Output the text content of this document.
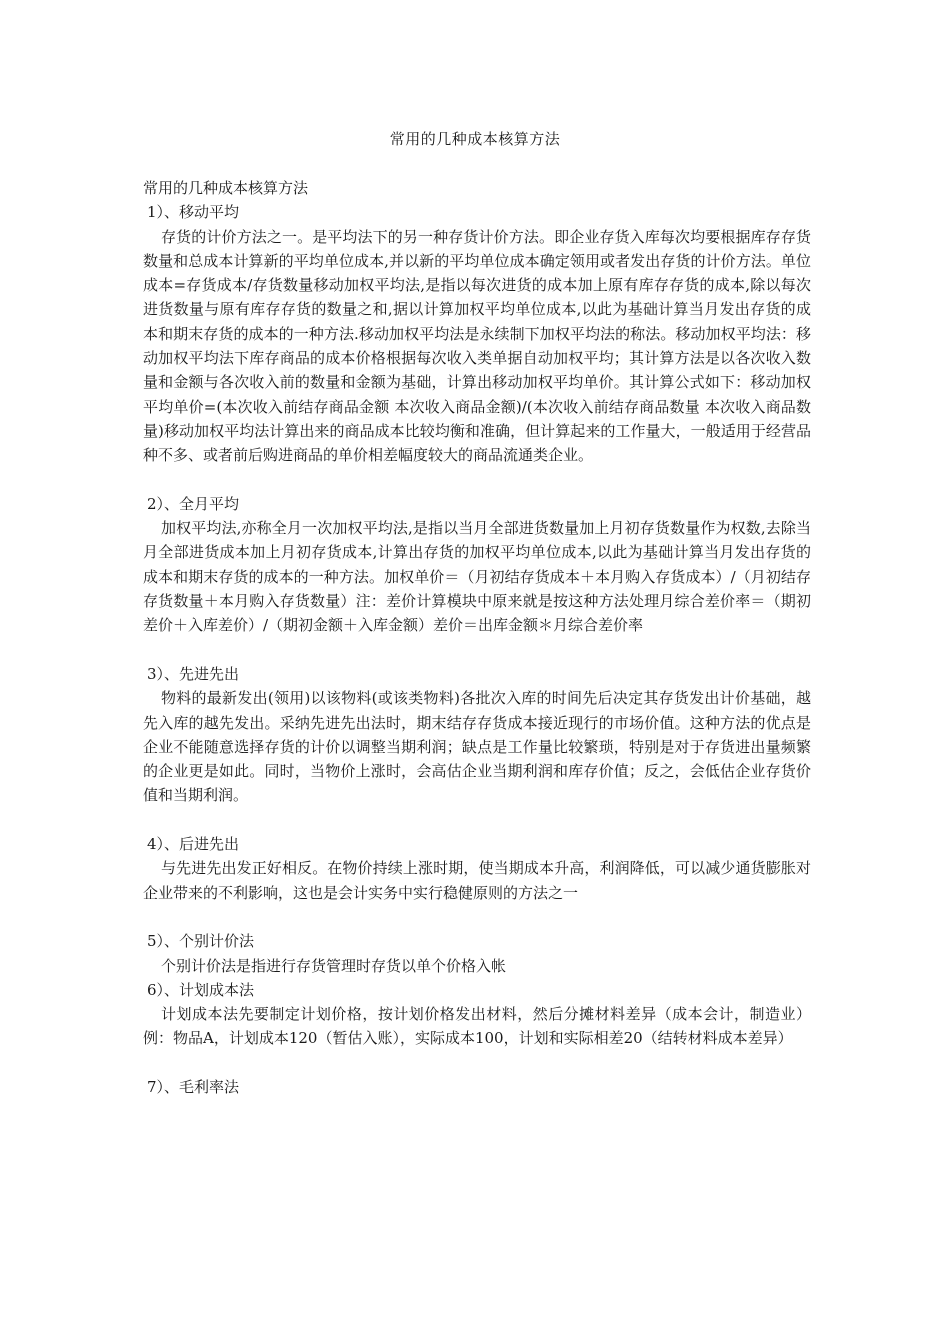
常用的几种成本核算方法
常用的几种成本核算方法
1）、移动平均
存货的计价方法之一。是平均法下的另一种存货计价方法。即企业存货入库每次均要根据库存存货数量和总成本计算新的平均单位成本,并以新的平均单位成本确定领用或者发出存货的计价方法。单位成本=存货成本/存货数量移动加权平均法,是指以每次进货的成本加上原有库存存货的成本,除以每次进货数量与原有库存存货的数量之和,据以计算加权平均单位成本,以此为基础计算当月发出存货的成本和期末存货的成本的一种方法.移动加权平均法是永续制下加权平均法的称法。移动加权平均法：移动加权平均法下库存商品的成本价格根据每次收入类单据自动加权平均；其计算方法是以各次收入数量和金额与各次收入前的数量和金额为基础，计算出移动加权平均单价。其计算公式如下：移动加权平均单价=(本次收入前结存商品金额 本次收入商品金额)/(本次收入前结存商品数量 本次收入商品数量)移动加权平均法计算出来的商品成本比较均衡和准确，但计算起来的工作量大，一般适用于经营品种不多、或者前后购进商品的单价相差幅度较大的商品流通类企业。
2）、全月平均
加权平均法,亦称全月一次加权平均法,是指以当月全部进货数量加上月初存货数量作为权数,去除当月全部进货成本加上月初存货成本,计算出存货的加权平均单位成本,以此为基础计算当月发出存货的成本和期末存货的成本的一种方法。加权单价＝（月初结存货成本＋本月购入存货成本）/（月初结存存货数量＋本月购入存货数量）注：差价计算模块中原来就是按这种方法处理月综合差价率＝（期初差价＋入库差价）/（期初金额＋入库金额）差价＝出库金额＊月综合差价率
3）、先进先出
物料的最新发出(领用)以该物料(或该类物料)各批次入库的时间先后决定其存货发出计价基础，越先入库的越先发出。采纳先进先出法时，期末结存存货成本接近现行的市场价值。这种方法的优点是企业不能随意选择存货的计价以调整当期利润；缺点是工作量比较繁琐，特别是对于存货进出量频繁的企业更是如此。同时，当物价上涨时，会高估企业当期利润和库存价值；反之，会低估企业存货价值和当期利润。
4）、后进先出
与先进先出发正好相反。在物价持续上涨时期，使当期成本升高，利润降低，可以减少通货膨胀对企业带来的不利影响，这也是会计实务中实行稳健原则的方法之一
5）、个别计价法
个别计价法是指进行存货管理时存货以单个价格入帐
6）、计划成本法
计划成本法先要制定计划价格，按计划价格发出材料，然后分摊材料差异（成本会计，制造业）例：物品A，计划成本120（暂估入账），实际成本100，计划和实际相差20（结转材料成本差异）
7）、毛利率法
